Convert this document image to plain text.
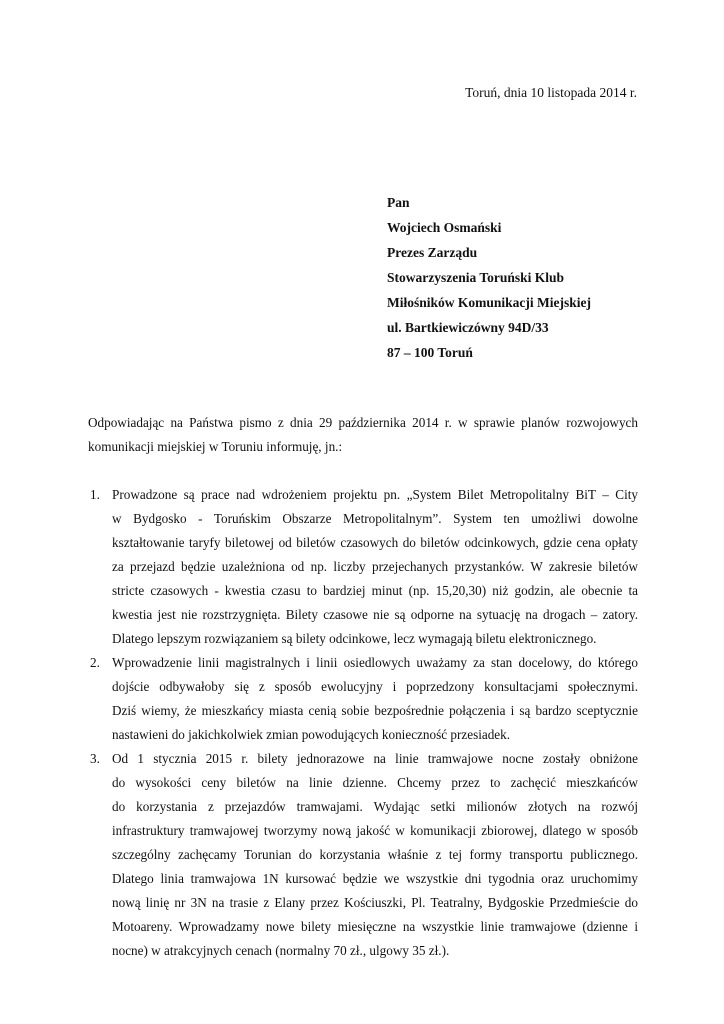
Toruń, dnia 10 listopada 2014 r.
Pan
Wojciech Osmański
Prezes Zarządu
Stowarzyszenia Toruński Klub
Miłośników Komunikacji Miejskiej
ul. Bartkiewiczówny 94D/33
87 – 100 Toruń
Odpowiadając na Państwa pismo z dnia 29 października 2014 r. w sprawie planów rozwojowych komunikacji miejskiej w Toruniu informuję, jn.:
1. Prowadzone są prace nad wdrożeniem projektu pn. „System Bilet Metropolitalny BiT – City
w Bydgosko - Toruńskim Obszarze Metropolitalnym”. System ten umożliwi dowolne
kształtowanie taryfy biletowej od biletów czasowych do biletów odcinkowych, gdzie cena opłaty
za przejazd będzie uzależniona od np. liczby przejechanych przystanków. W zakresie biletów
stricte czasowych - kwestia czasu to bardziej minut (np. 15,20,30) niż godzin, ale obecnie ta
kwestia jest nie rozstrzygnięta. Bilety czasowe nie są odporne na sytuację na drogach – zatory.
Dlatego lepszym rozwiązaniem są bilety odcinkowe, lecz wymagają biletu elektronicznego.
2. Wprowadzenie linii magistralnych i linii osiedlowych uważamy za stan docelowy, do którego
dojście odbywałoby się z sposób ewolucyjny i poprzedzony konsultacjami społecznymi.
Dziś wiemy, że mieszkańcy miasta cenią sobie bezpośrednie połączenia i są bardzo sceptycznie
nastawieni do jakichkolwiek zmian powodujących konieczność przesiadek.
3. Od 1 stycznia 2015 r. bilety jednorazowe na linie tramwajowe nocne zostały obniżone
do wysokości ceny biletów na linie dzienne. Chcemy przez to zachęcić mieszkańców
do korzystania z przejazdów tramwajami. Wydając setki milionów złotych na rozwój
infrastruktury tramwajowej tworzymy nową jakość w komunikacji zbiorowej, dlatego w sposób
szczególny zachęcamy Torunian do korzystania właśnie z tej formy transportu publicznego.
Dlatego linia tramwajowa 1N kursować będzie we wszystkie dni tygodnia oraz uruchomimy
nową linię nr 3N na trasie z Elany przez Kościuszki, Pl. Teatralny, Bydgoskie Przedmieście do
Motoareny. Wprowadzamy nowe bilety miesięczne na wszystkie linie tramwajowe (dzienne i
nocne) w atrakcyjnych cenach (normalny 70 zł., ulgowy 35 zł.).
